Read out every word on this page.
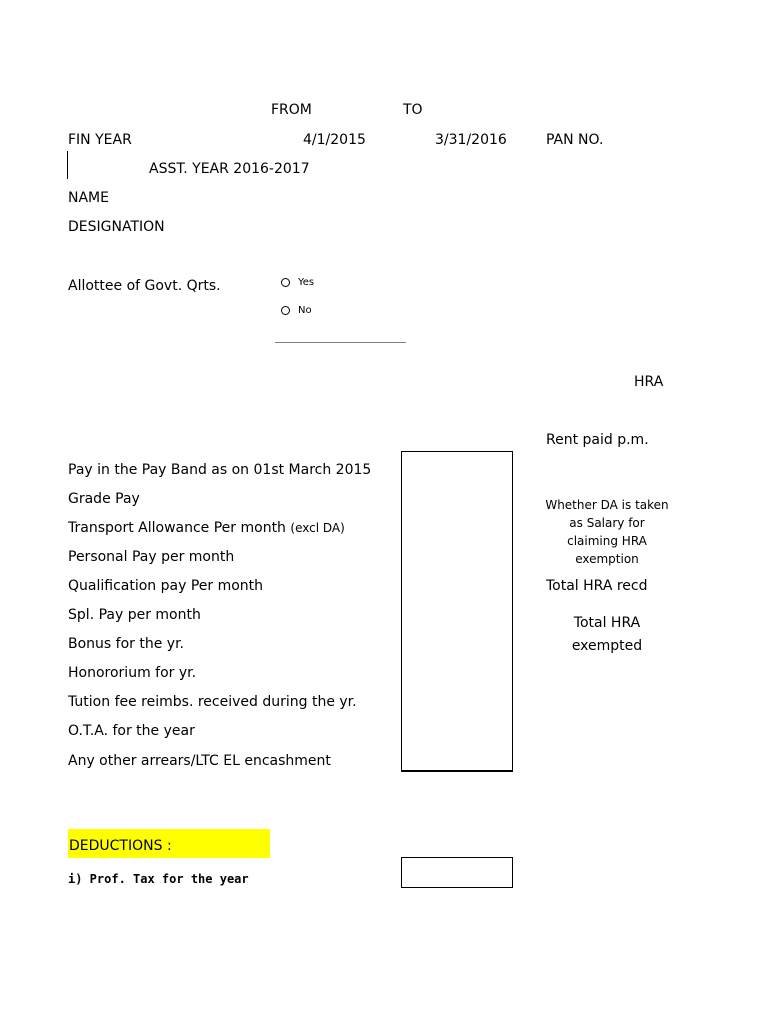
FROM	TO
FIN YEAR	4/1/2015	3/31/2016	PAN NO.
ASST. YEAR 2016-2017
NAME
DESIGNATION
Allottee of Govt. Qrts.	Yes
No
HRA
Rent paid p.m.
Whether DA is taken as Salary for claiming HRA exemption
Total HRA recd
Total HRA exempted
Pay in the Pay Band as on 01st March 2015
Grade Pay
Transport Allowance Per month (excl DA)
Personal Pay per month
Qualification pay Per month
Spl. Pay per month
Bonus for the yr.
Honororium for yr.
Tution fee reimbs. received during the yr.
O.T.A. for the year
Any other arrears/LTC EL encashment
DEDUCTIONS :
i) Prof. Tax for the year
